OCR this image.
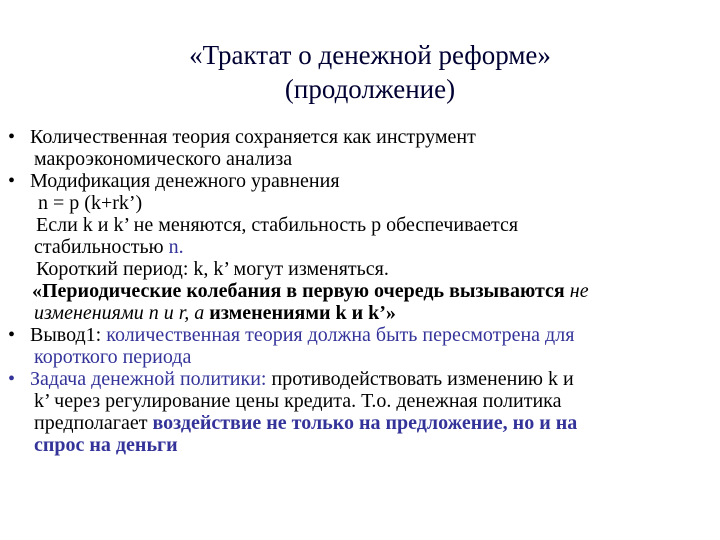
«Трактат о денежной реформе»
(продолжение)
• Количественная теория сохраняется как инструмент
макроэкономического анализа
• Модификация денежного уравнения
n = p (k+rk’)
Если k и k’ не меняются, стабильность p обеспечивается
стабильностью n.
Короткий период: k, k’ могут изменяться.
«Периодические колебания в первую очередь вызываются не
изменениями n и r, а изменениями k и k’»
• Вывод1: количественная теория должна быть пересмотрена для
короткого периода
• Задача денежной политики: противодействовать изменению k и
k’ через регулирование цены кредита. Т.о. денежная политика
предполагает воздействие не только на предложение, но и на
спрос на деньги
